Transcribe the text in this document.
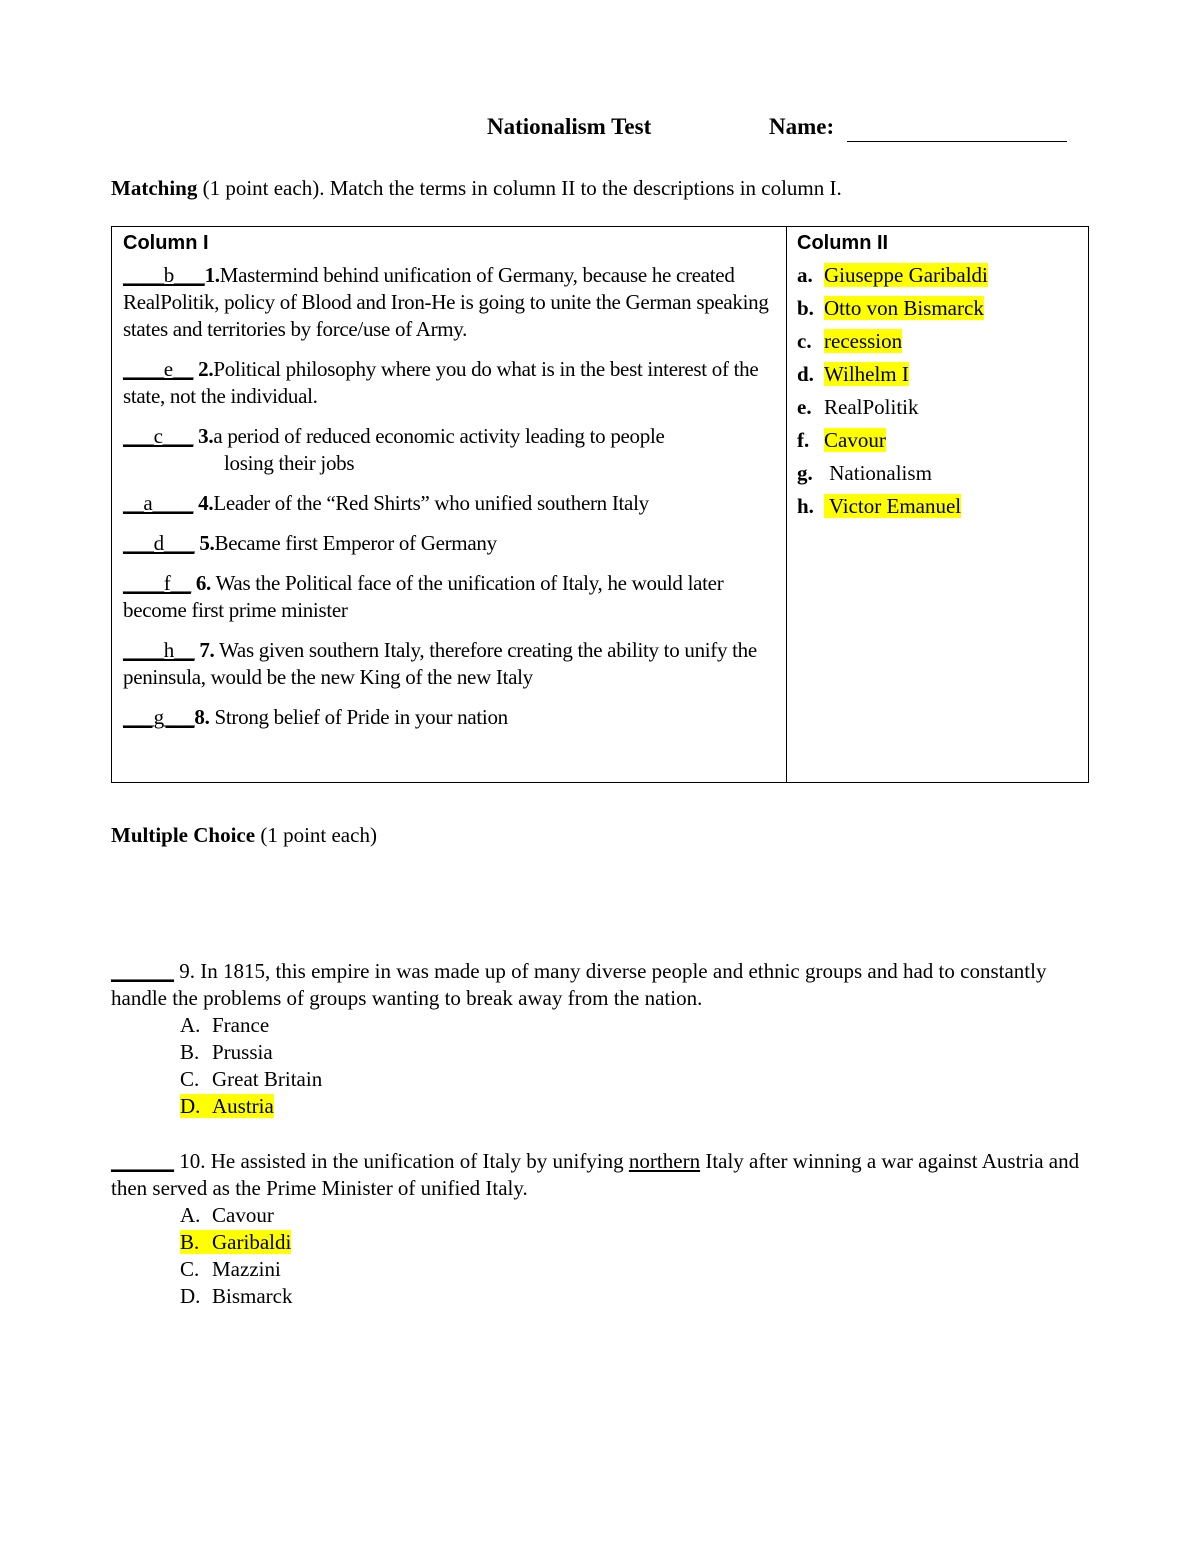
Nationalism Test	Name:
Matching (1 point each). Match the terms in column II to the descriptions in column I.
Column I
____b___1.Mastermind behind unification of Germany, because he created RealPolitik, policy of Blood and Iron-He is going to unite the German speaking states and territories by force/use of Army.
____e__ 2.Political philosophy where you do what is in the best interest of the state, not the individual.
___c___ 3.a period of reduced economic activity leading to people
losing their jobs
__a____ 4.Leader of the “Red Shirts” who unified southern Italy
___d___ 5.Became first Emperor of Germany
____f__ 6. Was the Political face of the unification of Italy, he would later become first prime minister
____h__ 7. Was given southern Italy, therefore creating the ability to unify the peninsula, would be the new King of the new Italy
___g___8. Strong belief of Pride in your nation
Column II
a. Giuseppe Garibaldi
b. Otto von Bismarck
c. recession
d. Wilhelm I
e. RealPolitik
f. Cavour
g. Nationalism
h. Victor Emanuel
Multiple Choice (1 point each)
______ 9. In 1815, this empire in was made up of many diverse people and ethnic groups and had to constantly handle the problems of groups wanting to break away from the nation.
A. France
B. Prussia
C. Great Britain
D. Austria
______ 10. He assisted in the unification of Italy by unifying northern Italy after winning a war against Austria and then served as the Prime Minister of unified Italy.
A. Cavour
B. Garibaldi
C. Mazzini
D. Bismarck
